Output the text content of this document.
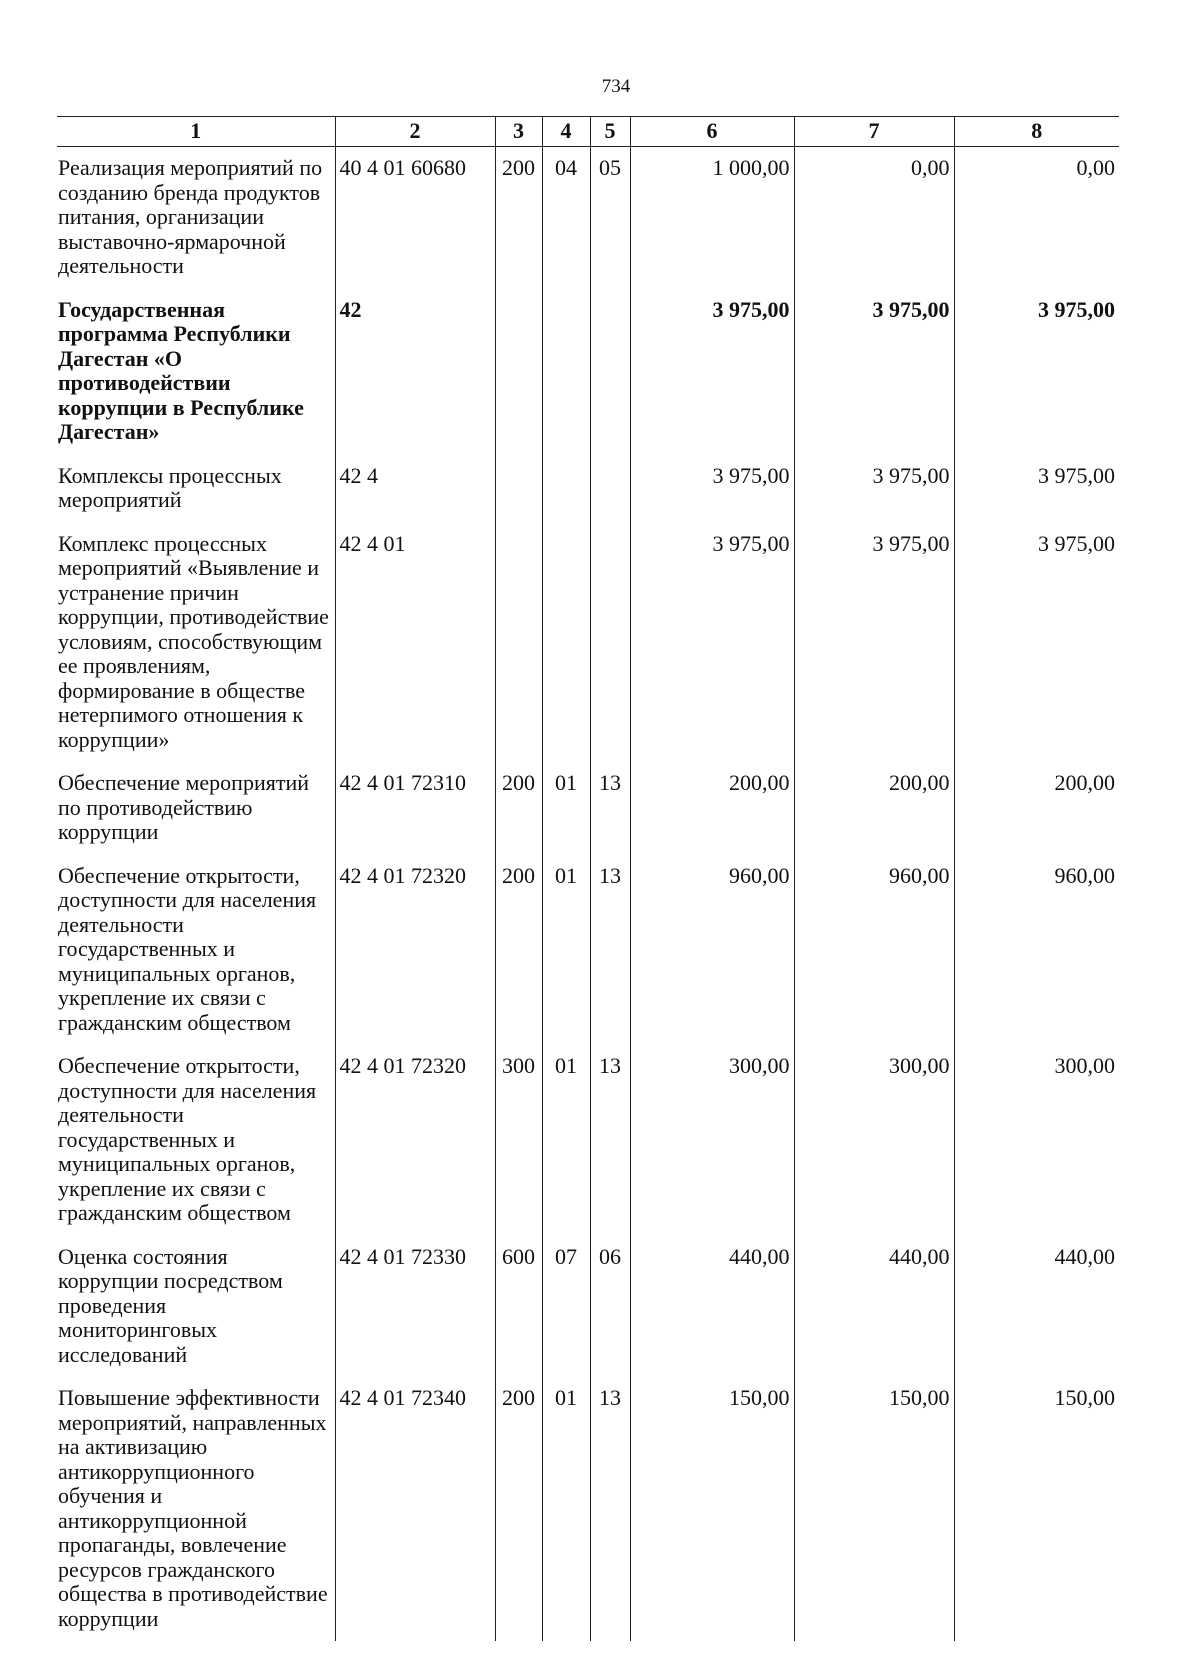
734
1	2	3	4	5	6	7	8
Реализация мероприятий по созданию бренда продуктов питания, организации выставочно-ярмарочной деятельности	40 4 01 60680	200	04	05	1 000,00	0,00	0,00
Государственная программа Республики Дагестан «О противодействии коррупции в Республике Дагестан»	42				3 975,00	3 975,00	3 975,00
Комплексы процессных мероприятий	42 4				3 975,00	3 975,00	3 975,00
Комплекс процессных мероприятий «Выявление и устранение причин коррупции, противодействие условиям, способствующим ее проявлениям, формирование в обществе нетерпимого отношения к коррупции»	42 4 01				3 975,00	3 975,00	3 975,00
Обеспечение мероприятий по противодействию коррупции	42 4 01 72310	200	01	13	200,00	200,00	200,00
Обеспечение открытости, доступности для населения деятельности государственных и муниципальных органов, укрепление их связи с гражданским обществом	42 4 01 72320	200	01	13	960,00	960,00	960,00
Обеспечение открытости, доступности для населения деятельности государственных и муниципальных органов, укрепление их связи с гражданским обществом	42 4 01 72320	300	01	13	300,00	300,00	300,00
Оценка состояния коррупции посредством проведения мониторинговых исследований	42 4 01 72330	600	07	06	440,00	440,00	440,00
Повышение эффективности мероприятий, направленных на активизацию антикоррупционного обучения и антикоррупционной пропаганды, вовлечение ресурсов гражданского общества в противодействие коррупции	42 4 01 72340	200	01	13	150,00	150,00	150,00
